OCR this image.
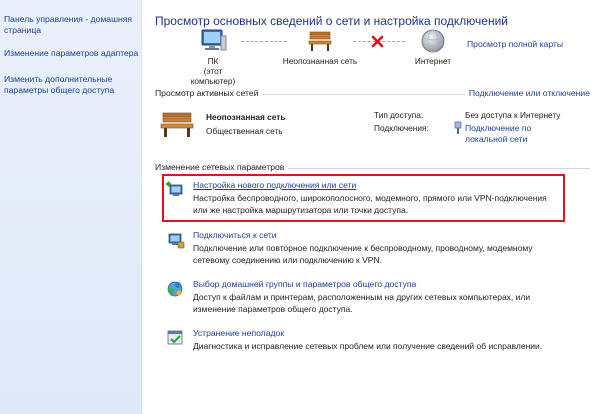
Панель управления - домашняя страница
Изменение параметров адаптера
Изменить дополнительные параметры общего доступа
Просмотр основных сведений о сети и настройка подключений
Просмотр полной карты
ПК
(этот компьютер)
Неопознанная сеть	Интернет
Просмотр активных сетей	Подключение или отключение
Неопознанная сеть
Общественная сеть
Тип доступа:	Без доступа к Интернету
Подключения:	Подключение по локальной сети
Изменение сетевых параметров
Настройка нового подключения или сети
Настройка беспроводного, широкополосного, модемного, прямого или VPN-подключения или же настройка маршрутизатора или точки доступа.
Подключиться к сети
Подключение или повторное подключение к беспроводному, проводному, модемному сетевому соединению или подключению к VPN.
Выбор домашней группы и параметров общего доступа
Доступ к файлам и принтерам, расположенным на других сетевых компьютерах, или изменение параметров общего доступа.
Устранение неполадок
Диагностика и исправление сетевых проблем или получение сведений об исправлении.
